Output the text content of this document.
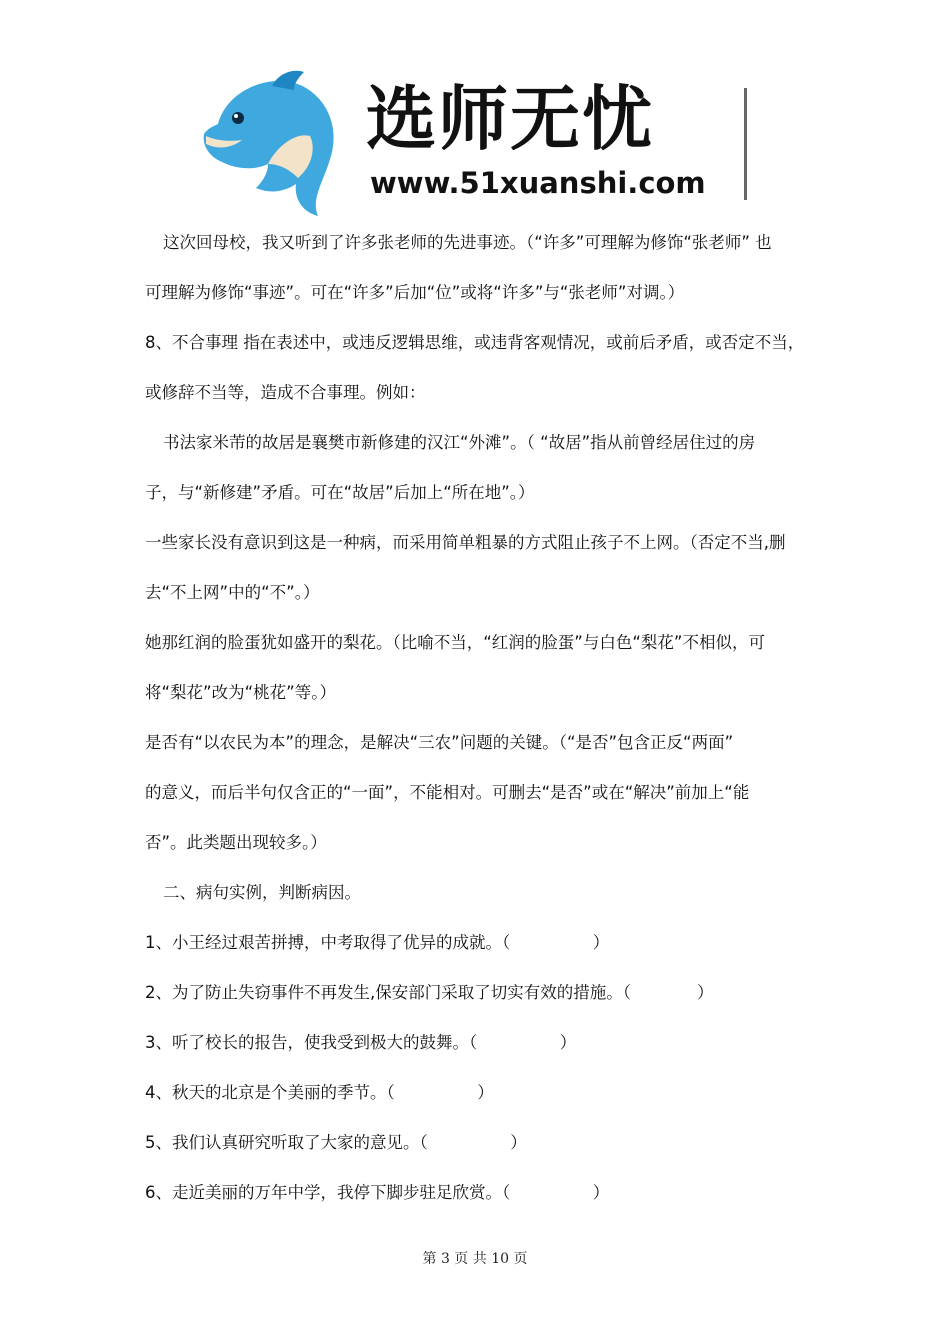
选师无忧
www.51xuanshi.com
这次回母校，我又听到了许多张老师的先进事迹。（“许多”可理解为修饰“张老师” 也
可理解为修饰“事迹”。可在“许多”后加“位”或将“许多”与“张老师”对调。）
8、不合事理 指在表述中，或违反逻辑思维，或违背客观情况，或前后矛盾，或否定不当，
或修辞不当等，造成不合事理。例如：
书法家米芾的故居是襄樊市新修建的汉江“外滩”。（ “故居”指从前曾经居住过的房
子，与“新修建”矛盾。可在“故居”后加上“所在地”。）
一些家长没有意识到这是一种病，而采用简单粗暴的方式阻止孩子不上网。（否定不当,删
去“不上网”中的“不”。）
她那红润的脸蛋犹如盛开的梨花。（比喻不当，“红润的脸蛋”与白色“梨花”不相似，可
将“梨花”改为“桃花”等。）
是否有“以农民为本”的理念，是解决“三农”问题的关键。（“是否”包含正反“两面”
的意义，而后半句仅含正的“一面”，不能相对。可删去“是否”或在“解决”前加上“能
否”。此类题出现较多。）
二、病句实例，判断病因。
1、小王经过艰苦拼搏，中考取得了优异的成就。（　　　　　）
2、为了防止失窃事件不再发生,保安部门采取了切实有效的措施。（　　　　）
3、听了校长的报告，使我受到极大的鼓舞。（　　　　　）
4、秋天的北京是个美丽的季节。（　　　　　）
5、我们认真研究听取了大家的意见。（　　　　　）
6、走近美丽的万年中学，我停下脚步驻足欣赏。（　　　　　）
第 3 页 共 10 页
